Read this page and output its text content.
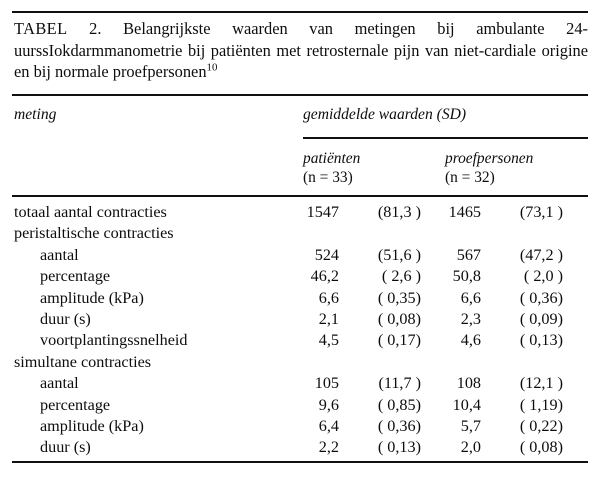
TABEL 2. Belangrijkste waarden van metingen bij ambulante 24-uurssIokdarmmanometrie bij patiënten met retrosternale pijn van niet-cardiale origine en bij normale proefpersonen$^{10}$
meting	gemiddelde waarden (SD)
patiënten
(n = 33)
proefpersonen
(n = 32)
totaal aantal contracties	1547	(81,3 )	1465	(73,1 )
peristaltische contracties
aantal	524	(51,6 )	567	(47,2 )
percentage	46,2	( 2,6 )	50,8	( 2,0 )
amplitude (kPa)	6,6	( 0,35)	6,6	( 0,36)
duur (s)	2,1	( 0,08)	2,3	( 0,09)
voortplantingssnelheid	4,5	( 0,17)	4,6	( 0,13)
simultane contracties
aantal	105	(11,7 )	108	(12,1 )
percentage	9,6	( 0,85)	10,4	( 1,19)
amplitude (kPa)	6,4	( 0,36)	5,7	( 0,22)
duur (s)	2,2	( 0,13)	2,0	( 0,08)
